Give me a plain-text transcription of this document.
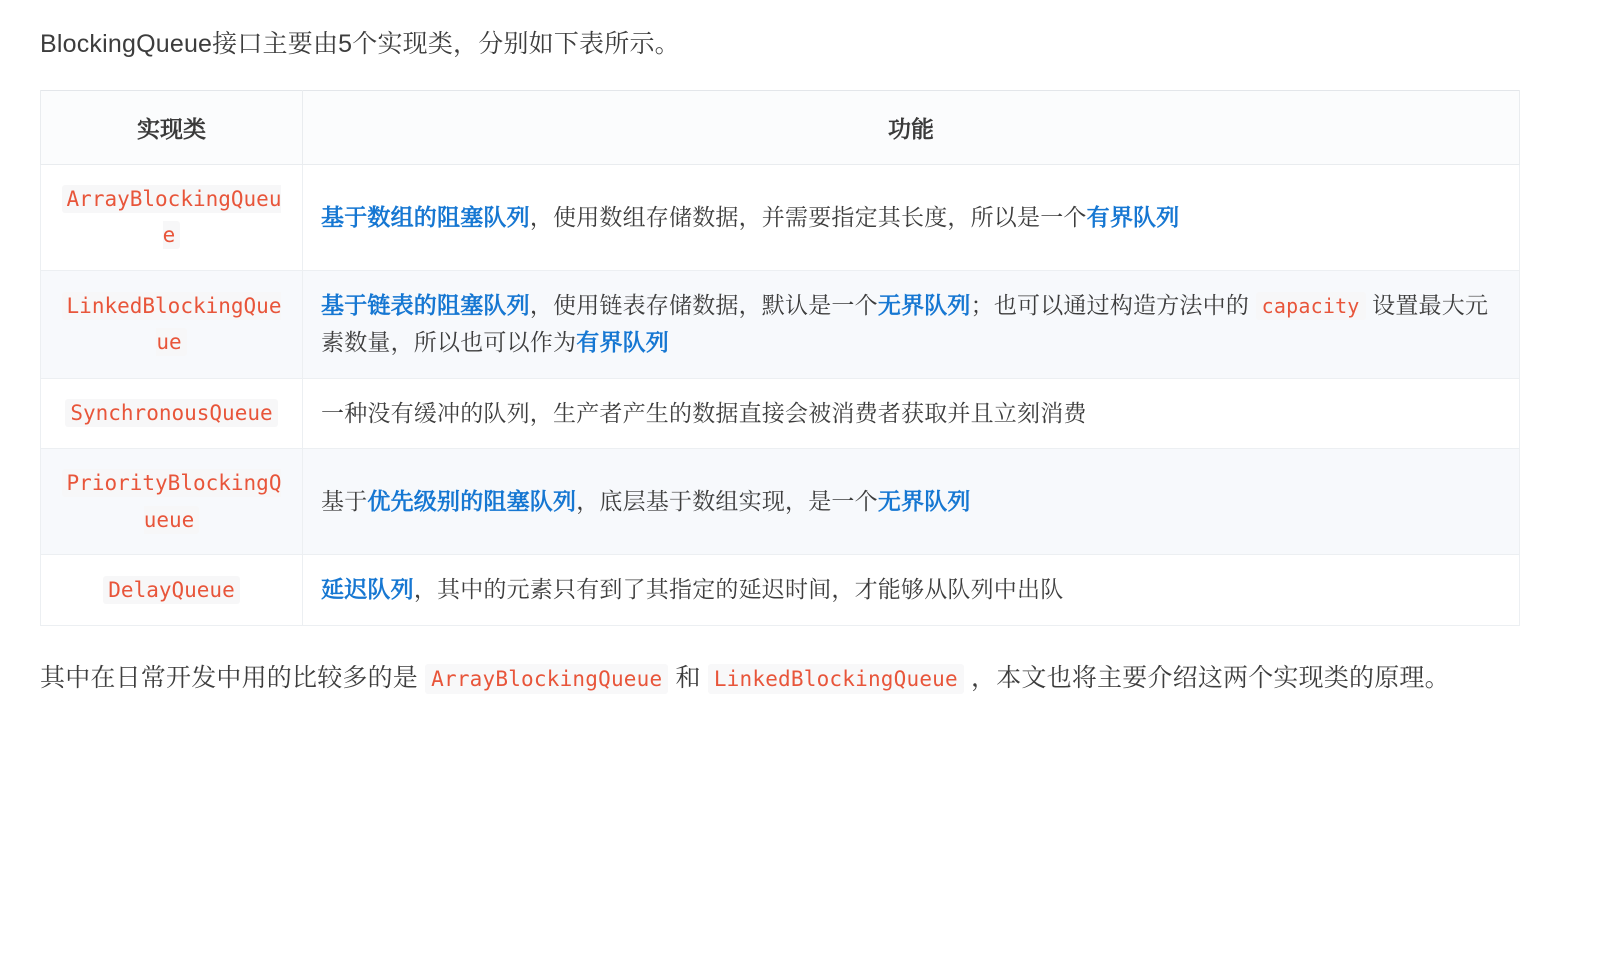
BlockingQueue接口主要由5个实现类，分别如下表所示。

实现类	功能
ArrayBlockingQueue	基于数组的阻塞队列，使用数组存储数据，并需要指定其长度，所以是一个有界队列
LinkedBlockingQueue	基于链表的阻塞队列，使用链表存储数据，默认是一个无界队列；也可以通过构造方法中的 capacity 设置最大元素数量，所以也可以作为有界队列
SynchronousQueue	一种没有缓冲的队列，生产者产生的数据直接会被消费者获取并且立刻消费
PriorityBlockingQueue	基于优先级别的阻塞队列，底层基于数组实现，是一个无界队列
DelayQueue	延迟队列，其中的元素只有到了其指定的延迟时间，才能够从队列中出队

其中在日常开发中用的比较多的是 ArrayBlockingQueue 和 LinkedBlockingQueue ，本文也将主要介绍这两个实现类的原理。
